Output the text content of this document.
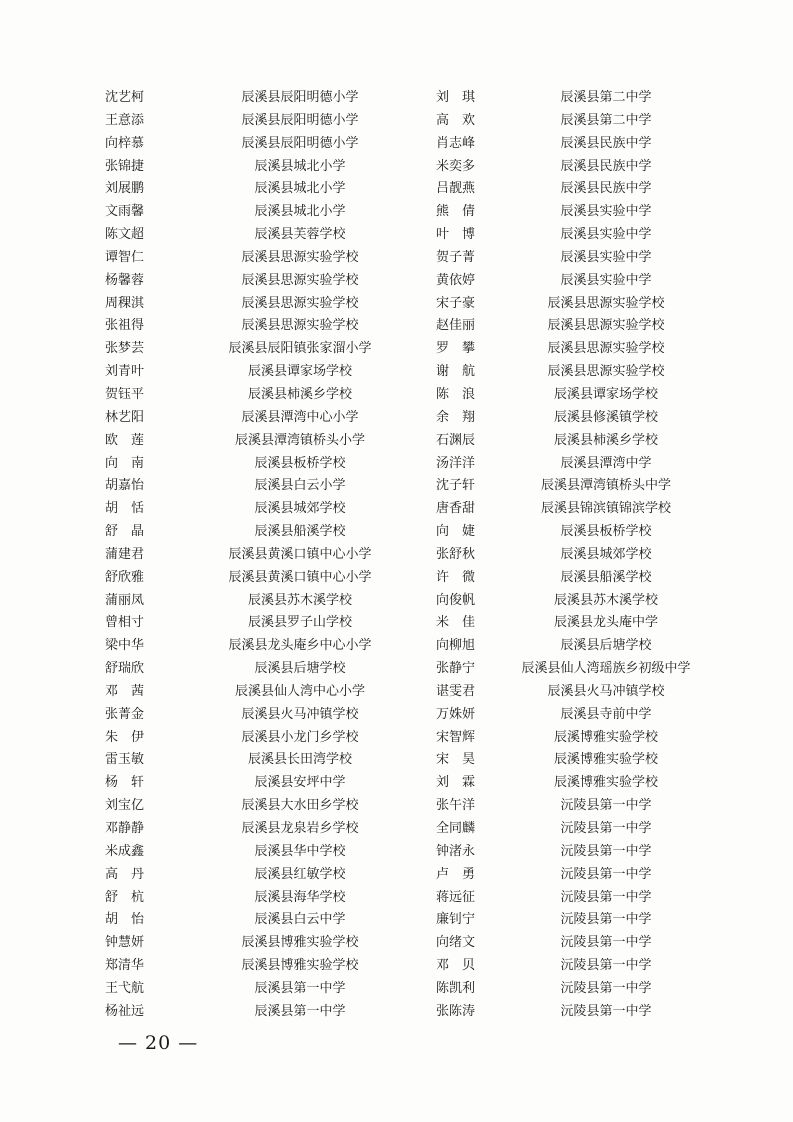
沈艺柯	辰溪县辰阳明德小学	刘　琪	辰溪县第二中学
王意添	辰溪县辰阳明德小学	高　欢	辰溪县第二中学
向梓慕	辰溪县辰阳明德小学	肖志峰	辰溪县民族中学
张锦捷	辰溪县城北小学	米奕多	辰溪县民族中学
刘展鹏	辰溪县城北小学	吕靓燕	辰溪县民族中学
文雨馨	辰溪县城北小学	熊　倩	辰溪县实验中学
陈文超	辰溪县芙蓉学校	叶　博	辰溪县实验中学
谭智仁	辰溪县思源实验学校	贺子菁	辰溪县实验中学
杨馨蓉	辰溪县思源实验学校	黄依婷	辰溪县实验中学
周稞淇	辰溪县思源实验学校	宋子豪	辰溪县思源实验学校
张祖得	辰溪县思源实验学校	赵佳丽	辰溪县思源实验学校
张梦芸	辰溪县辰阳镇张家溜小学	罗　攀	辰溪县思源实验学校
刘青叶	辰溪县谭家场学校	谢　航	辰溪县思源实验学校
贺钰平	辰溪县柿溪乡学校	陈　浪	辰溪县谭家场学校
林艺阳	辰溪县潭湾中心小学	余　翔	辰溪县修溪镇学校
欧　莲	辰溪县潭湾镇桥头小学	石渊辰	辰溪县柿溪乡学校
向　南	辰溪县板桥学校	汤洋洋	辰溪县潭湾中学
胡嘉怡	辰溪县白云小学	沈子轩	辰溪县潭湾镇桥头中学
胡　恬	辰溪县城郊学校	唐香甜	辰溪县锦滨镇锦滨学校
舒　晶	辰溪县船溪学校	向　婕	辰溪县板桥学校
蒲建君	辰溪县黄溪口镇中心小学	张舒秋	辰溪县城郊学校
舒欣雅	辰溪县黄溪口镇中心小学	许　微	辰溪县船溪学校
蒲丽凤	辰溪县苏木溪学校	向俊帆	辰溪县苏木溪学校
曾相寸	辰溪县罗子山学校	米　佳	辰溪县龙头庵中学
梁中华	辰溪县龙头庵乡中心小学	向柳旭	辰溪县后塘学校
舒瑞欣	辰溪县后塘学校	张静宁	辰溪县仙人湾瑶族乡初级中学
邓　茜	辰溪县仙人湾中心小学	谌雯君	辰溪县火马冲镇学校
张菁金	辰溪县火马冲镇学校	万姝妍	辰溪县寺前中学
朱　伊	辰溪县小龙门乡学校	宋智辉	辰溪博雅实验学校
雷玉敏	辰溪县长田湾学校	宋　昊	辰溪博雅实验学校
杨　轩	辰溪县安坪中学	刘　霖	辰溪博雅实验学校
刘宝亿	辰溪县大水田乡学校	张午洋	沅陵县第一中学
邓静静	辰溪县龙泉岩乡学校	全同麟	沅陵县第一中学
米成鑫	辰溪县华中学校	钟渚永	沅陵县第一中学
高　丹	辰溪县红敏学校	卢　勇	沅陵县第一中学
舒　杭	辰溪县海华学校	蒋远征	沅陵县第一中学
胡　怡	辰溪县白云中学	廉钊宁	沅陵县第一中学
钟慧妍	辰溪县博雅实验学校	向绪文	沅陵县第一中学
郑清华	辰溪县博雅实验学校	邓　贝	沅陵县第一中学
王弋航	辰溪县第一中学	陈凯利	沅陵县第一中学
杨祉远	辰溪县第一中学	张陈涛	沅陵县第一中学
— 20 —
